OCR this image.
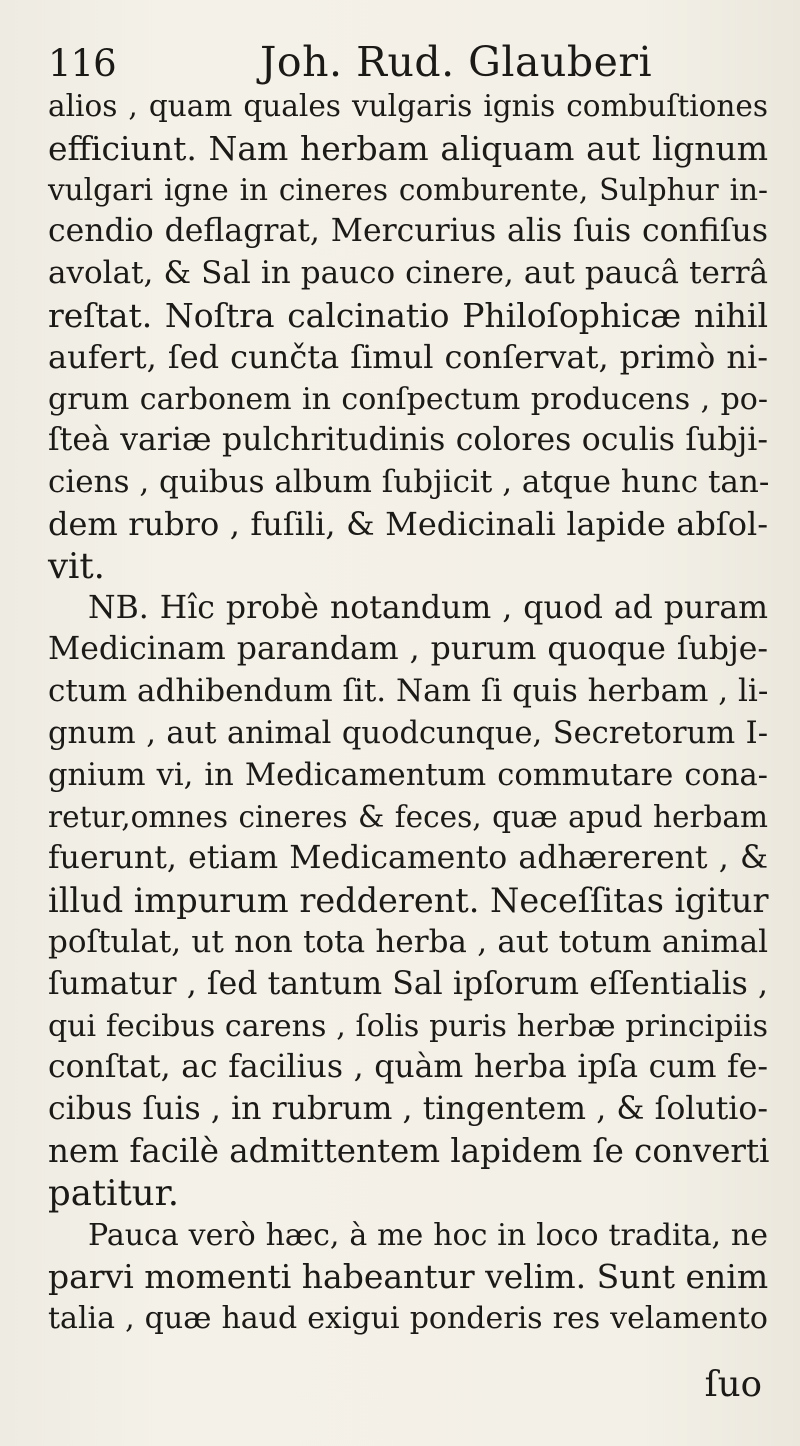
116	Joh. Rud. Glauberi
alios , quam quales vulgaris ignis combuſtiones
efficiunt. Nam herbam aliquam aut lignum
vulgari igne in cineres comburente, Sulphur in-
cendio deflagrat, Mercurius alis ſuis confiſus
avolat, & Sal in pauco cinere, aut paucâ terrâ
reſtat. Noſtra calcinatio Philoſophicæ nihil
aufert, ſed cunčta ſimul conſervat, primò ni-
grum carbonem in conſpectum producens , po-
ſteà variæ pulchritudinis colores oculis ſubji-
ciens , quibus album ſubjicit , atque hunc tan-
dem rubro , fuſili, & Medicinali lapide abſol-
vit.
NB. Hîc probè notandum , quod ad puram
Medicinam parandam , purum quoque ſubje-
ctum adhibendum ſit. Nam ſi quis herbam , li-
gnum , aut animal quodcunque, Secretorum I-
gnium vi, in Medicamentum commutare cona-
retur,omnes cineres & feces, quæ apud herbam
fuerunt, etiam Medicamento adhærerent , &
illud impurum redderent. Neceſſitas igitur
poſtulat, ut non tota herba , aut totum animal
ſumatur , ſed tantum Sal ipſorum eſſentialis ,
qui fecibus carens , ſolis puris herbæ principiis
conſtat, ac facilius , quàm herba ipſa cum fe-
cibus ſuis , in rubrum , tingentem , & ſolutio-
nem facilè admittentem lapidem ſe converti
patitur.
Pauca verò hæc, à me hoc in loco tradita, ne
parvi momenti habeantur velim. Sunt enim
talia , quæ haud exigui ponderis res velamento
ſuo
